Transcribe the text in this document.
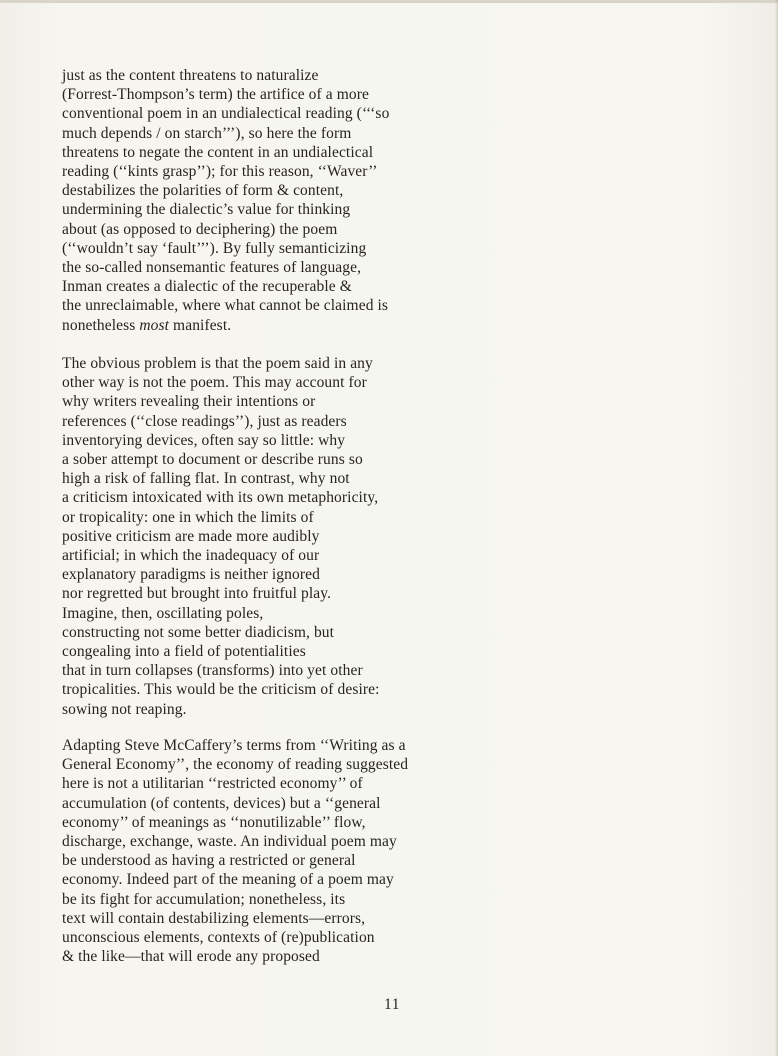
just as the content threatens to naturalize
(Forrest-Thompson’s term) the artifice of a more
conventional poem in an undialectical reading (‘‘‘so
much depends / on starch’’’), so here the form
threatens to negate the content in an undialectical
reading (‘‘kints grasp’’); for this reason, ‘‘Waver’’
destabilizes the polarities of form & content,
undermining the dialectic’s value for thinking
about (as opposed to deciphering) the poem
(‘‘wouldn’t say ‘fault’’’). By fully semanticizing
the so-called nonsemantic features of language,
Inman creates a dialectic of the recuperable &
the unreclaimable, where what cannot be claimed is
nonetheless most manifest.
The obvious problem is that the poem said in any
other way is not the poem. This may account for
why writers revealing their intentions or
references (‘‘close readings’’), just as readers
inventorying devices, often say so little: why
a sober attempt to document or describe runs so
high a risk of falling flat. In contrast, why not
a criticism intoxicated with its own metaphoricity,
or tropicality: one in which the limits of
positive criticism are made more audibly
artificial; in which the inadequacy of our
explanatory paradigms is neither ignored
nor regretted but brought into fruitful play.
Imagine, then, oscillating poles,
constructing not some better diadicism, but
congealing into a field of potentialities
that in turn collapses (transforms) into yet other
tropicalities. This would be the criticism of desire:
sowing not reaping.
Adapting Steve McCaffery’s terms from ‘‘Writing as a
General Economy’’, the economy of reading suggested
here is not a utilitarian ‘‘restricted economy’’ of
accumulation (of contents, devices) but a ‘‘general
economy’’ of meanings as ‘‘nonutilizable’’ flow,
discharge, exchange, waste. An individual poem may
be understood as having a restricted or general
economy. Indeed part of the meaning of a poem may
be its fight for accumulation; nonetheless, its
text will contain destabilizing elements—errors,
unconscious elements, contexts of (re)publication
& the like—that will erode any proposed
11
